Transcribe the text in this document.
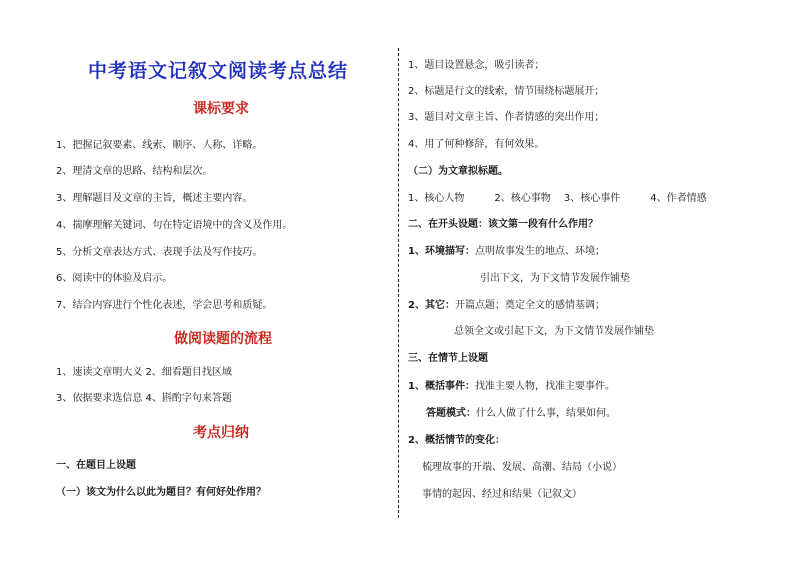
中考语文记叙文阅读考点总结
课标要求
1、把握记叙要素、线索、顺序、人称、详略。
2、理清文章的思路、结构和层次。
3、理解题目及文章的主旨，概述主要内容。
4、揣摩理解关键词、句在特定语境中的含义及作用。
5、分析文章表达方式、表现手法及写作技巧。
6、阅读中的体验及启示。
7、结合内容进行个性化表述，学会思考和质疑。
做阅读题的流程
1、速读文章明大义 2、细看题目找区域
3、依据要求选信息 4、斟酌字句来答题
考点归纳
一、在题目上设题
（一）该文为什么以此为题目？有何好处作用？
1、题目设置悬念，吸引读者；
2、标题是行文的线索，情节围绕标题展开；
3、题目对文章主旨、作者情感的突出作用；
4、用了何种修辞，有何效果。
（二）为文章拟标题。
1、核心人物　　　2、核心事物　 3、核心事件　　　4、作者情感
二、在开头设题：该文第一段有什么作用？
1、环境描写：点明故事发生的地点、环境；
引出下文，为下文情节发展作铺垫
2、其它：开篇点题；奠定全文的感情基调；
总领全文或引起下文，为下文情节发展作铺垫
三、在情节上设题
1、概括事件：找准主要人物，找准主要事件。
答题模式：什么人做了什么事，结果如何。
2、概括情节的变化：
梳理故事的开端、发展、高潮、结局（小说）
事情的起因、经过和结果（记叙文）
